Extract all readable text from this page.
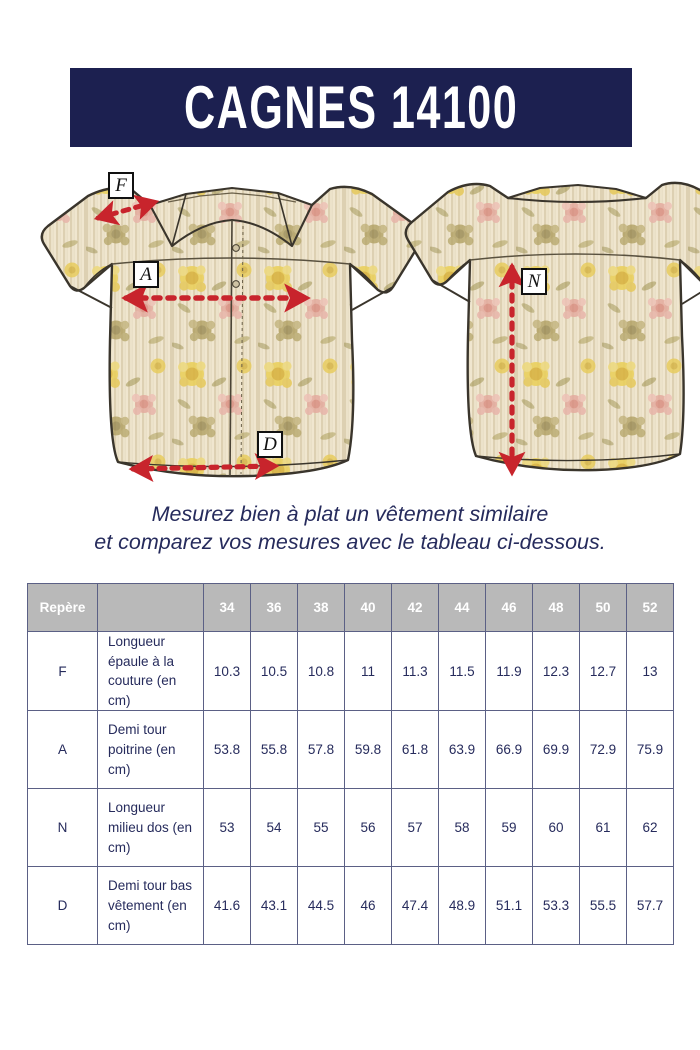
CAGNES 14100
F
A
D
N
Mesurez bien à plat un vêtement similaire
et comparez vos mesures avec le tableau ci-dessous.
Repère		34	36	38	40	42	44	46	48	50	52
F	Longueur épaule à la couture (en cm)	10.3	10.5	10.8	11	11.3	11.5	11.9	12.3	12.7	13
A	Demi tour poitrine (en cm)	53.8	55.8	57.8	59.8	61.8	63.9	66.9	69.9	72.9	75.9
N	Longueur milieu dos (en cm)	53	54	55	56	57	58	59	60	61	62
D	Demi tour bas vêtement (en cm)	41.6	43.1	44.5	46	47.4	48.9	51.1	53.3	55.5	57.7
